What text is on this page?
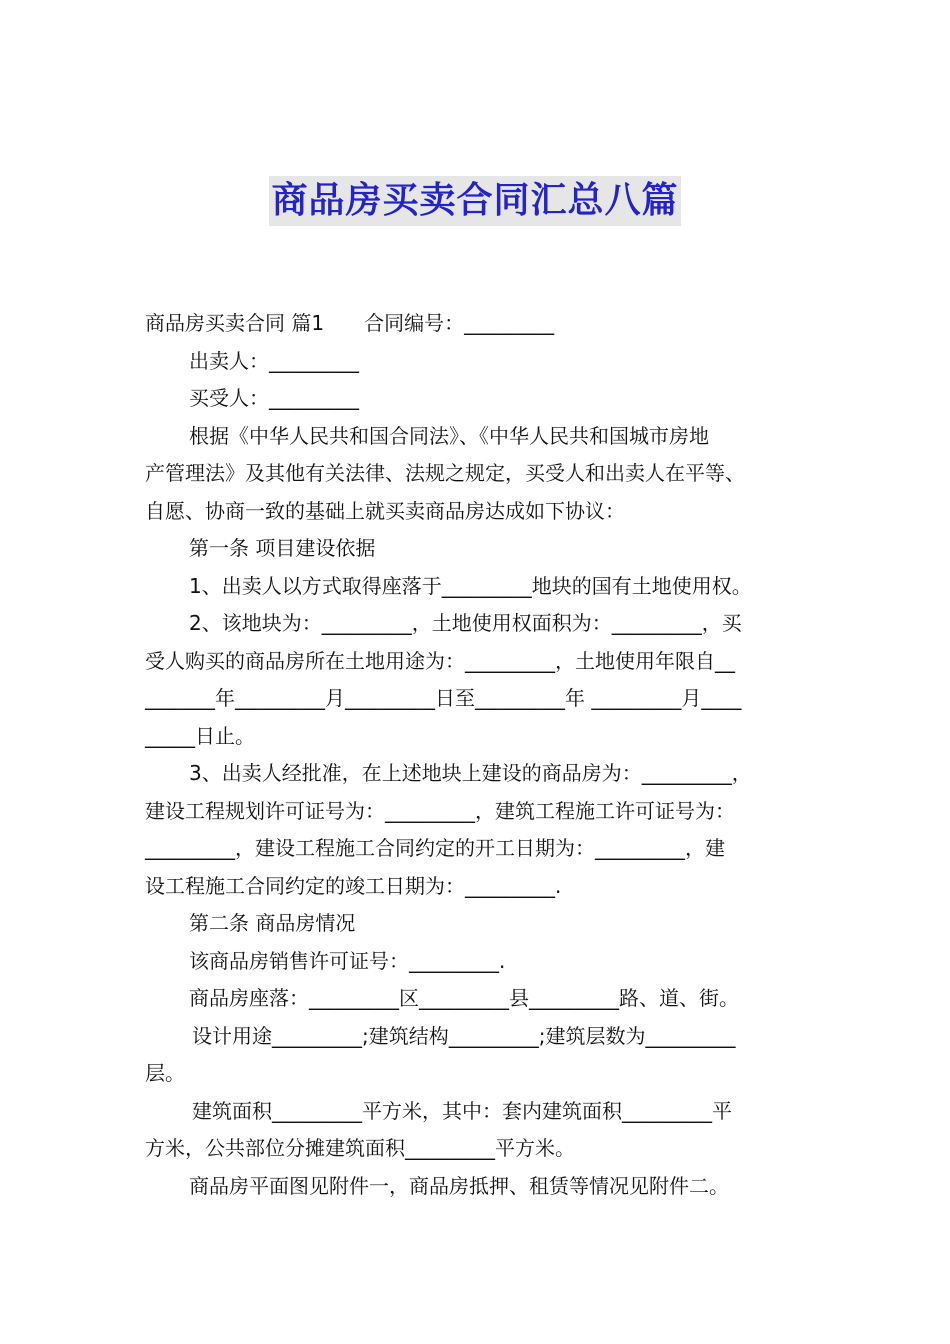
商品房买卖合同汇总八篇
商品房买卖合同 篇1　　合同编号：_________
出卖人：_________
买受人：_________
根据《中华人民共和国合同法》、《中华人民共和国城市房地
产管理法》及其他有关法律、法规之规定，买受人和出卖人在平等、
自愿、协商一致的基础上就买卖商品房达成如下协议：
第一条 项目建设依据
1、出卖人以方式取得座落于_________地块的国有土地使用权。
2、该地块为：_________，土地使用权面积为：_________，买
受人购买的商品房所在土地用途为：_________，土地使用年限自__
_______年_________月_________日至_________年 _________月____
_____日止。
3、出卖人经批准，在上述地块上建设的商品房为：_________，
建设工程规划许可证号为：_________，建筑工程施工许可证号为：
_________，建设工程施工合同约定的开工日期为：_________，建
设工程施工合同约定的竣工日期为：_________.
第二条 商品房情况
该商品房销售许可证号：_________.
商品房座落：_________区_________县_________路、道、街。
设计用途_________;建筑结构_________;建筑层数为_________
层。
建筑面积_________平方米，其中：套内建筑面积_________平
方米，公共部位分摊建筑面积_________平方米。
商品房平面图见附件一，商品房抵押、租赁等情况见附件二。
